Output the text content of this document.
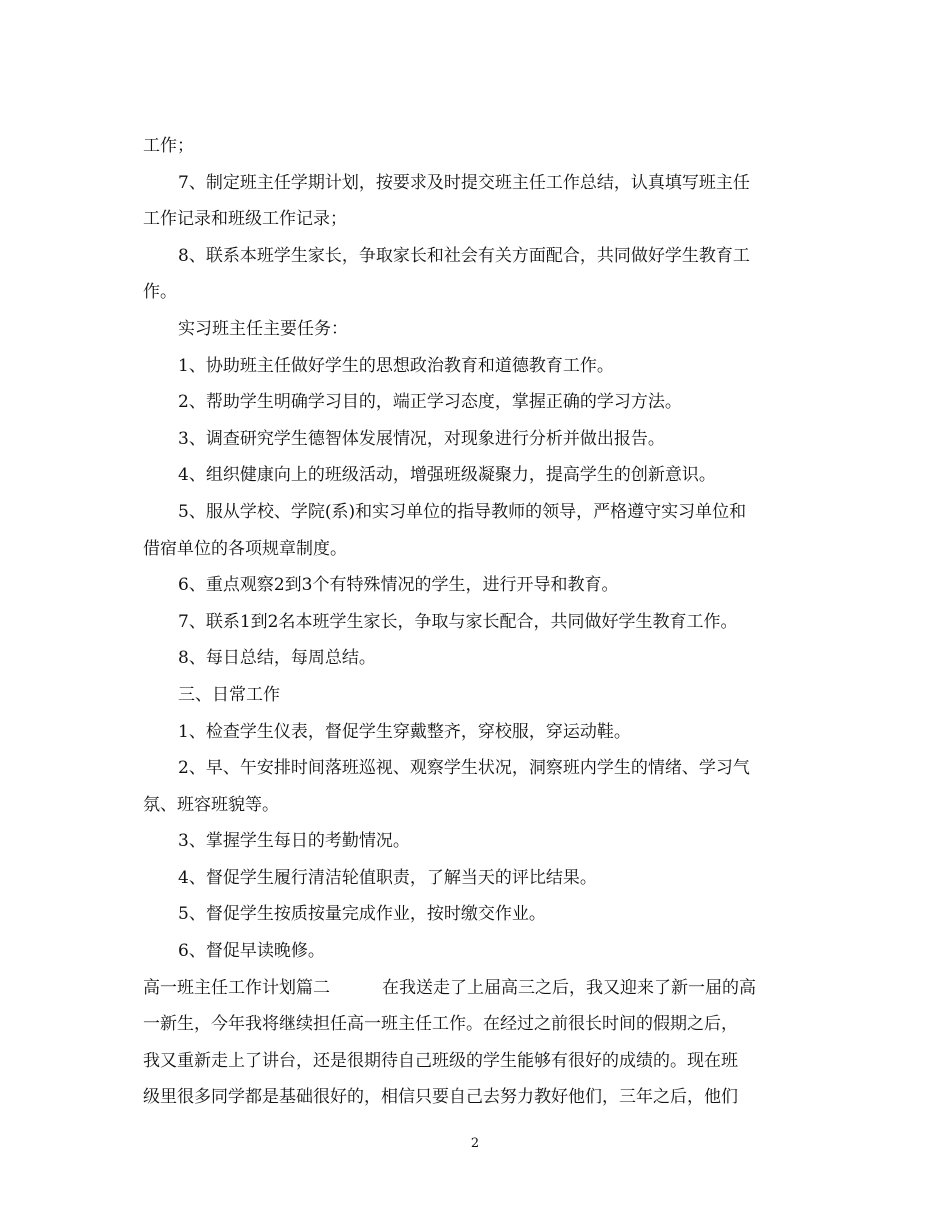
工作；
7、制定班主任学期计划，按要求及时提交班主任工作总结，认真填写班主任
工作记录和班级工作记录；
8、联系本班学生家长，争取家长和社会有关方面配合，共同做好学生教育工
作。
实习班主任主要任务：
1、协助班主任做好学生的思想政治教育和道德教育工作。
2、帮助学生明确学习目的，端正学习态度，掌握正确的学习方法。
3、调查研究学生德智体发展情况，对现象进行分析并做出报告。
4、组织健康向上的班级活动，增强班级凝聚力，提高学生的创新意识。
5、服从学校、学院(系)和实习单位的指导教师的领导，严格遵守实习单位和
借宿单位的各项规章制度。
6、重点观察2到3个有特殊情况的学生，进行开导和教育。
7、联系1到2名本班学生家长，争取与家长配合，共同做好学生教育工作。
8、每日总结，每周总结。
三、日常工作
1、检查学生仪表，督促学生穿戴整齐，穿校服，穿运动鞋。
2、早、午安排时间落班巡视、观察学生状况，洞察班内学生的情绪、学习气
氛、班容班貌等。
3、掌握学生每日的考勤情况。
4、督促学生履行清洁轮值职责，了解当天的评比结果。
5、督促学生按质按量完成作业，按时缴交作业。
6、督促早读晚修。
高一班主任工作计划篇二	在我送走了上届高三之后，我又迎来了新一届的高
一新生，今年我将继续担任高一班主任工作。在经过之前很长时间的假期之后，
我又重新走上了讲台，还是很期待自己班级的学生能够有很好的成绩的。现在班
级里很多同学都是基础很好的，相信只要自己去努力教好他们，三年之后，他们
2
